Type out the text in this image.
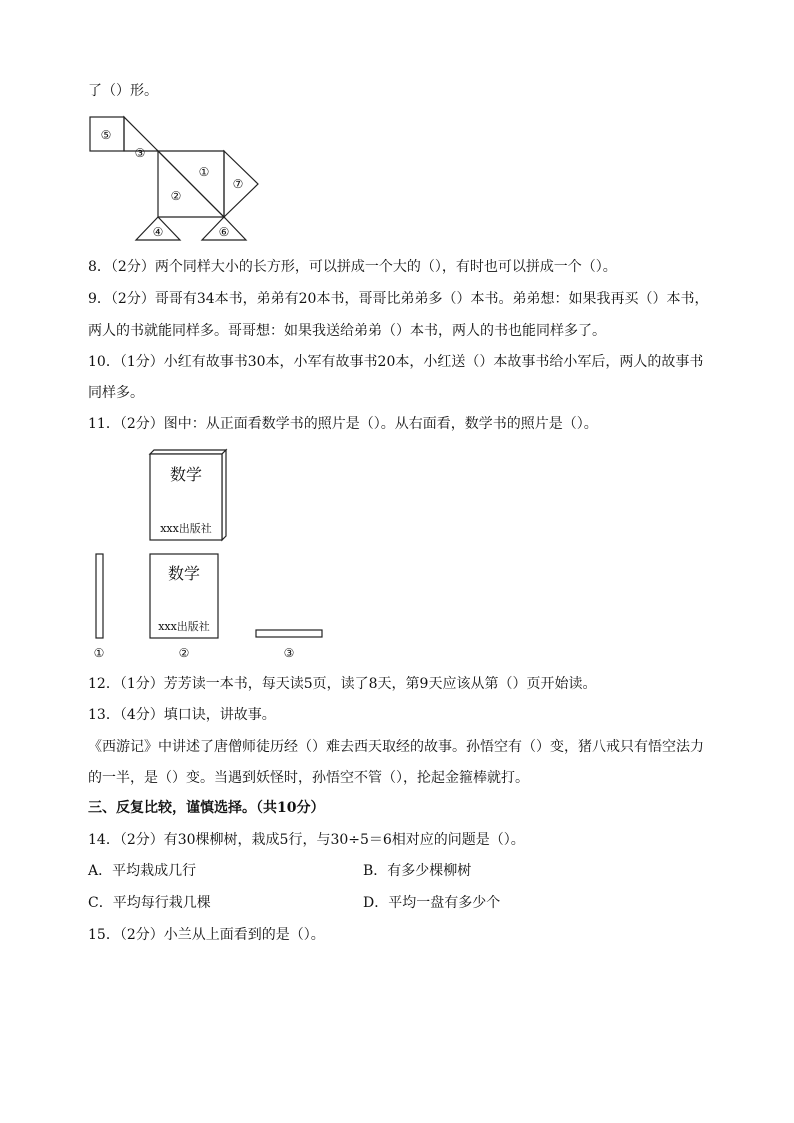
了（）形。
⑤
③
①
②
⑦
④	⑥
8．（2分）两个同样大小的长方形，可以拼成一个大的（），有时也可以拼成一个（）。
9．（2分）哥哥有34本书，弟弟有20本书，哥哥比弟弟多（）本书。弟弟想：如果我再买（）本书，
两人的书就能同样多。哥哥想：如果我送给弟弟（）本书，两人的书也能同样多了。
10．（1分）小红有故事书30本，小军有故事书20本，小红送（）本故事书给小军后，两人的故事书
同样多。
11．（2分）图中：从正面看数学书的照片是（）。从右面看，数学书的照片是（）。
数学
xxx出版社
数学
xxx出版社
①	②	③
12．（1分）芳芳读一本书，每天读5页，读了8天，第9天应该从第（）页开始读。
13．（4分）填口诀，讲故事。
《西游记》中讲述了唐僧师徒历经（）难去西天取经的故事。孙悟空有（）变，猪八戒只有悟空法力
的一半，是（）变。当遇到妖怪时，孙悟空不管（），抡起金箍棒就打。
三、反复比较，谨慎选择。（共10分）
14．（2分）有30棵柳树，栽成5行，与30÷5＝6相对应的问题是（）。
A．平均栽成几行	B．有多少棵柳树
C．平均每行栽几棵	D．平均一盘有多少个
15．（2分）小兰从上面看到的是（）。
